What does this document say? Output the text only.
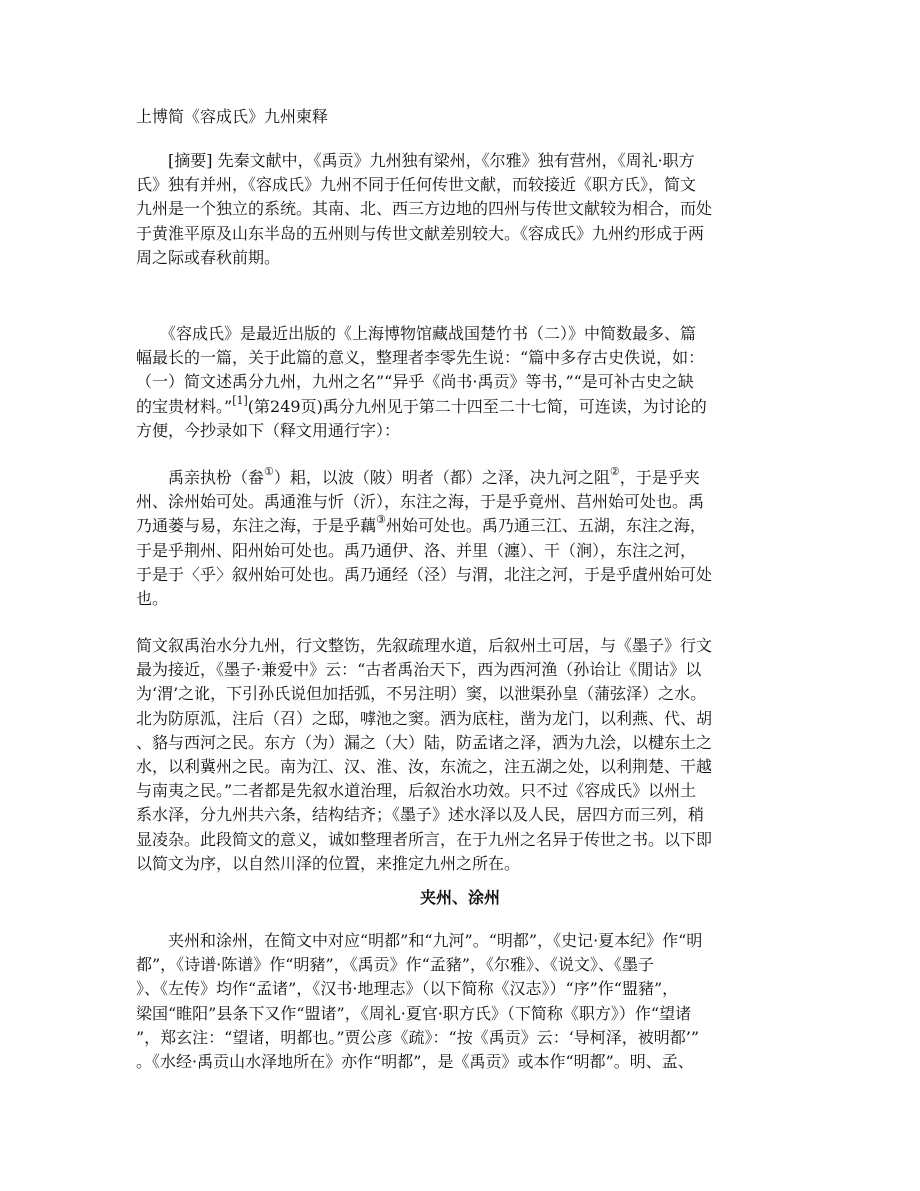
上博简《容成氏》九州柬释
　　[摘要] 先秦文献中，《禹贡》九州独有梁州，《尔雅》独有营州，《周礼·职方
氏》独有并州，《容成氏》九州不同于任何传世文献，而较接近《职方氏》，简文
九州是一个独立的系统。其南、北、西三方边地的四州与传世文献较为相合，而处
于黄淮平原及山东半岛的五州则与传世文献差别较大。《容成氏》九州约形成于两
周之际或春秋前期。
　　《容成氏》是最近出版的《上海博物馆藏战国楚竹书（二）》中简数最多、篇
幅最长的一篇，关于此篇的意义，整理者李零先生说：“篇中多存古史佚说，如：
（一）简文述禹分九州，九州之名”“异乎《尚书·禹贡》等书，”“是可补古史之缺
的宝贵材料。”[1](第249页)禹分九州见于第二十四至二十七简，可连读，为讨论的
方便，今抄录如下（释文用通行字）：
　　禹亲执枌（畚①）耜，以波（陂）明者（都）之泽，决九河之阻②，于是乎夹
州、涂州始可处。禹通淮与忻（沂），东注之海，于是乎竟州、莒州始可处也。禹
乃通蒌与易，东注之海，于是乎藕③州始可处也。禹乃通三江、五湖，东注之海，
于是乎荆州、阳州始可处也。禹乃通伊、洛、并里（瀍）、干（涧），东注之河，
于是于〈乎〉叙州始可处也。禹乃通经（泾）与渭，北注之河，于是乎虘州始可处
也。
简文叙禹治水分九州，行文整饬，先叙疏理水道，后叙州土可居，与《墨子》行文
最为接近，《墨子·兼爱中》云：“古者禹治天下，西为西河渔（孙诒让《閒诂》以
为‘渭’之讹，下引孙氏说但加括弧，不另注明）窦，以泄渠孙皇（蒲弦泽）之水。
北为防原泒，注后（召）之邸，嘑池之窦。洒为底柱，凿为龙门，以利燕、代、胡
、貉与西河之民。东方（为）漏之（大）陆，防孟诸之泽，洒为九浍，以楗东土之
水，以利冀州之民。南为江、汉、淮、汝，东流之，注五湖之处，以利荆楚、干越
与南夷之民。”二者都是先叙水道治理，后叙治水功效。只不过《容成氏》以州土
系水泽，分九州共六条，结构结齐；《墨子》述水泽以及人民，居四方而三列，稍
显凌杂。此段简文的意义，诚如整理者所言，在于九州之名异于传世之书。以下即
以简文为序，以自然川泽的位置，来推定九州之所在。
夹州、涂州
　　夹州和涂州，在简文中对应“明都”和“九河”。“明都”，《史记·夏本纪》作“明
都”，《诗谱·陈谱》作“明豬”，《禹贡》作“孟豬”，《尔雅》、《说文》、《墨子
》、《左传》均作“孟诸”，《汉书·地理志》（以下简称《汉志》）“序”作“盟豬”，
梁国“睢阳”县条下又作“盟诸”，《周礼·夏官·职方氏》（下简称《职方》）作“望诸
”，郑玄注：“望诸，明都也。”贾公彦《疏》：“按《禹贡》云：‘导柯泽，被明都’”
。《水经·禹贡山水泽地所在》亦作“明都”，是《禹贡》或本作“明都”。明、孟、
